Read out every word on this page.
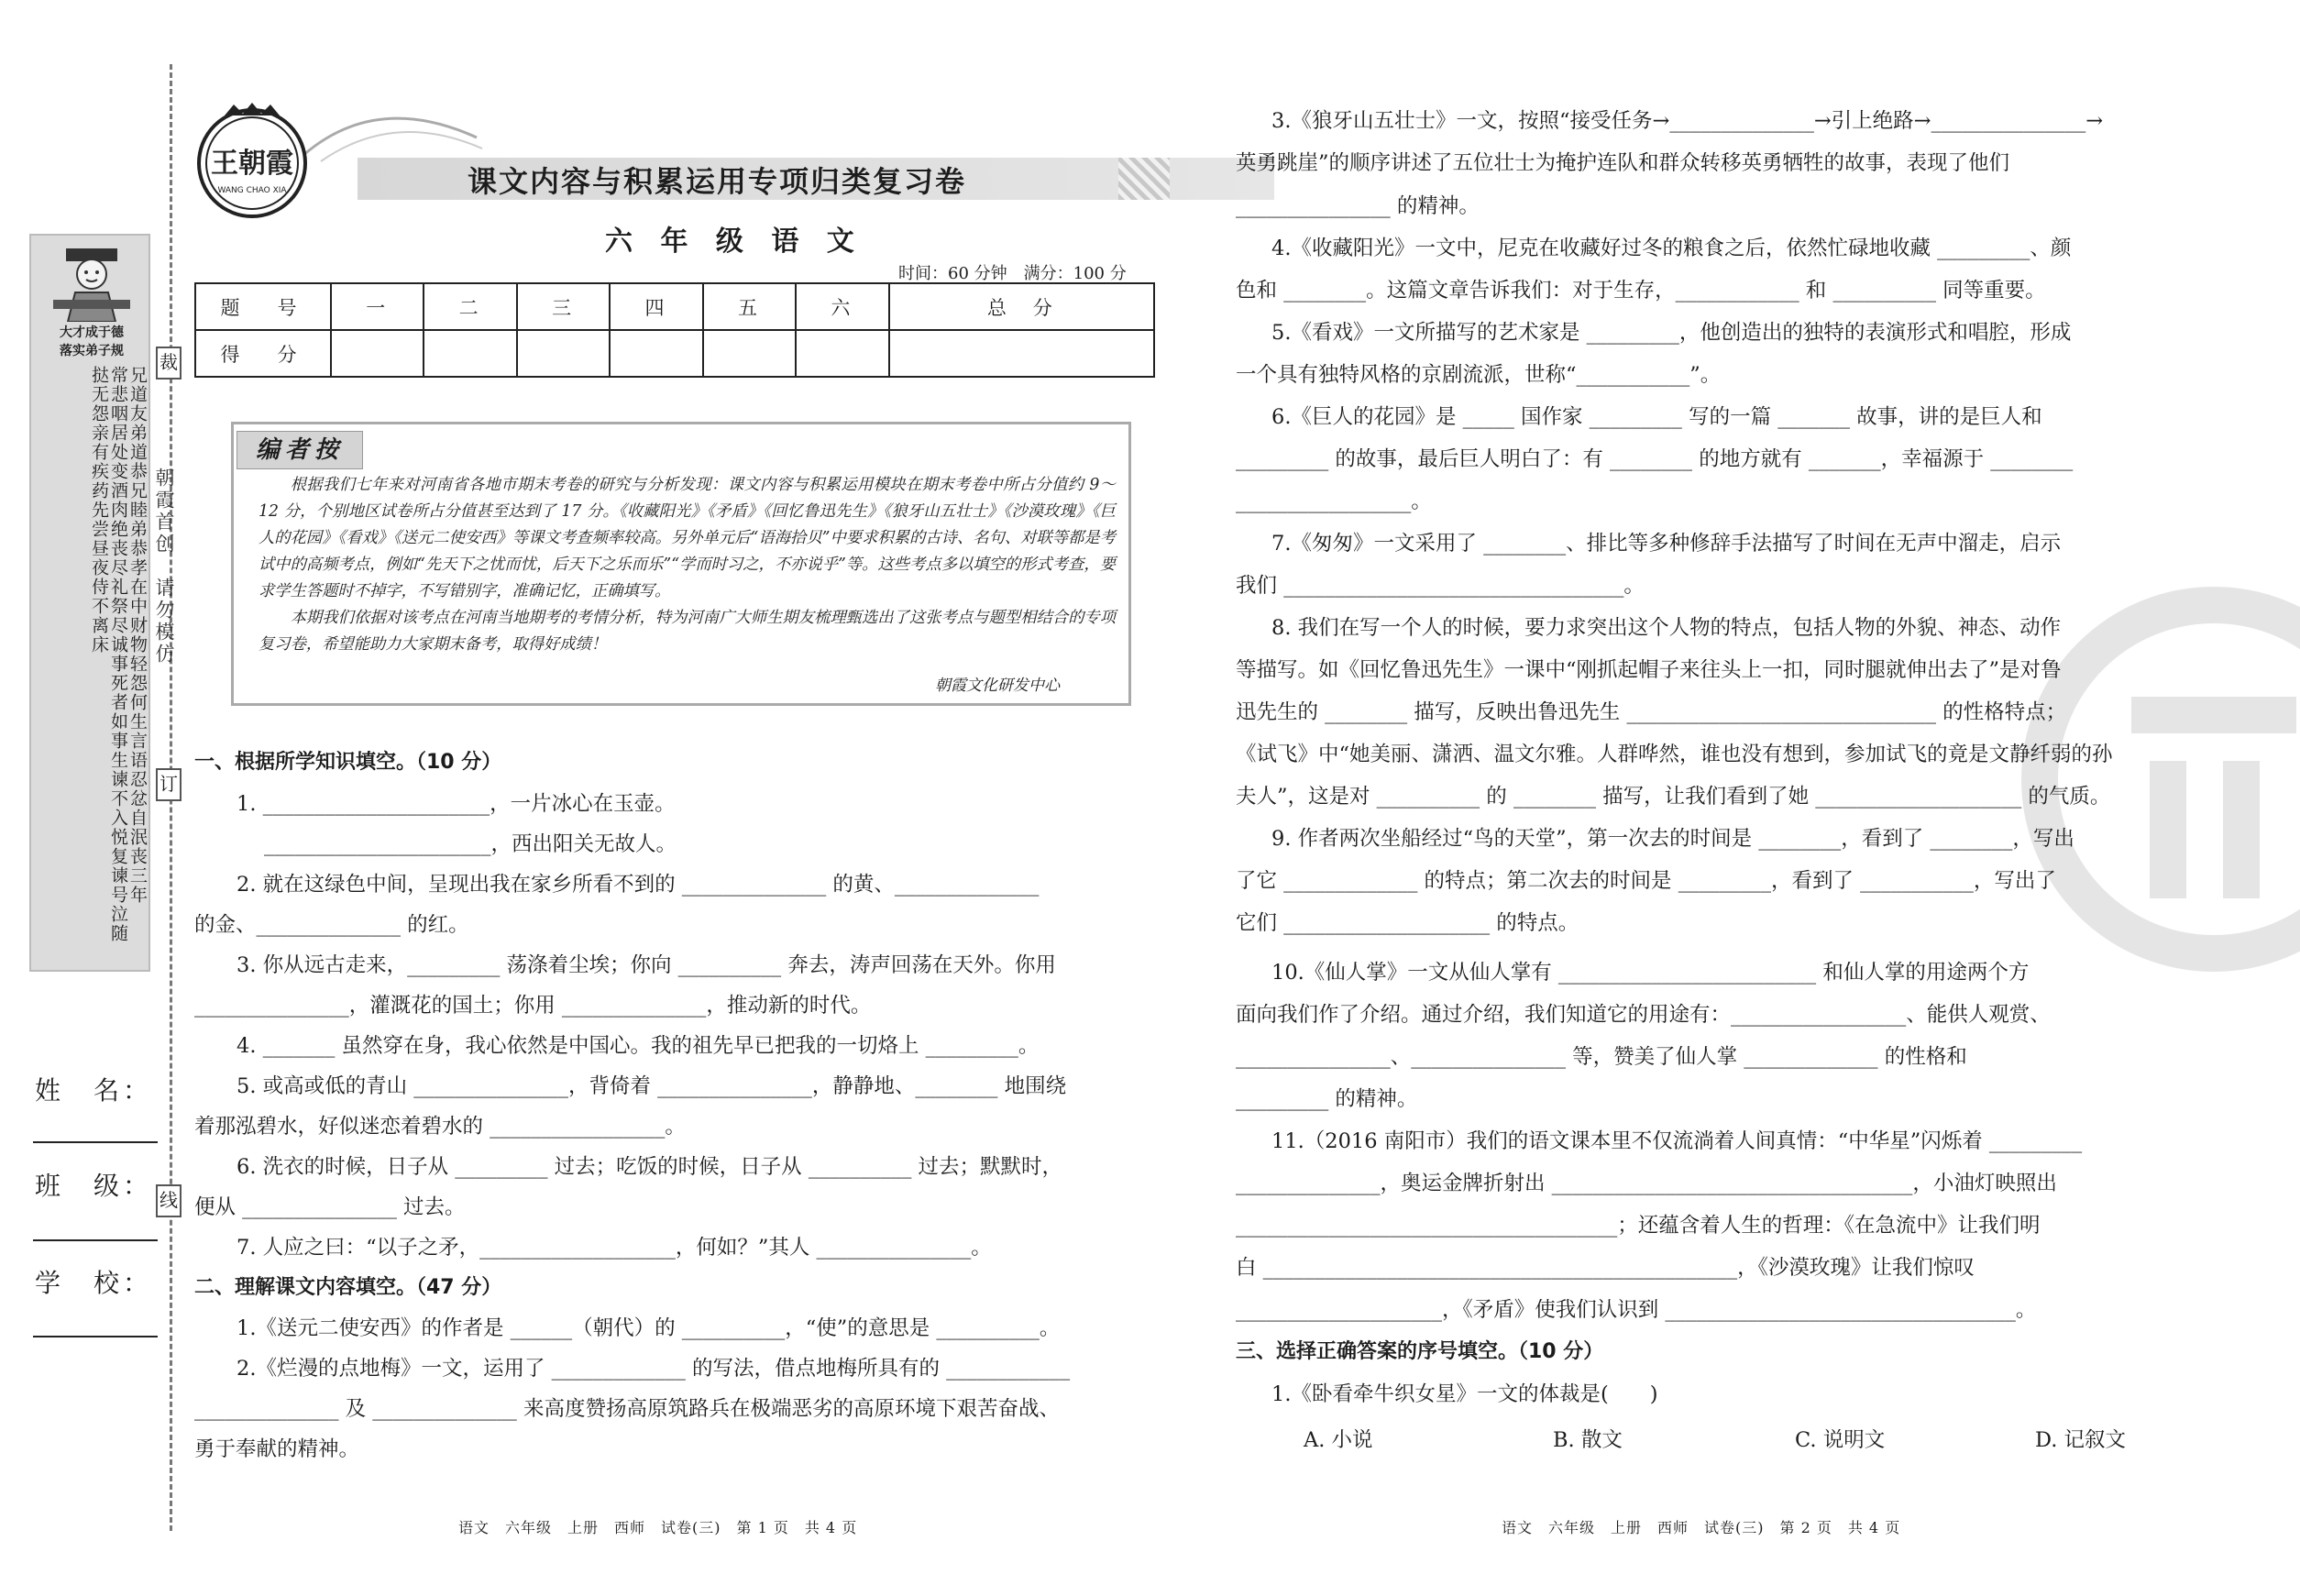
裁
订
线
朝霞首创　请勿模仿
大才成于德
落实弟子规
兄道友弟道恭兄睦弟恭孝在中财物轻怨何生言语忍忿自泯丧三年常悲咽居处变酒肉绝丧尽礼祭尽诚事死者如事生谏不入悦复谏号泣随挞无怨亲有疾药先尝昼夜侍不离床
姓　名：
班　级：
学　校：
王朝霞
WANG CHAO XIA	课文内容与积累运用专项归类复习卷
六 年 级 语 文
时间：60 分钟　满分：100 分
题　号	一	二	三	四	五	六	总　分
得　分							
编者按

根据我们七年来对河南省各地市期末考卷的研究与分析发现：课文内容与积累运用模块在期末考卷中所占分值约 9～12 分，个别地区试卷所占分值甚至达到了 17 分。《收藏阳光》《矛盾》《回忆鲁迅先生》《狼牙山五壮士》《沙漠玫瑰》《巨人的花园》《看戏》《送元二使安西》等课文考查频率较高。另外单元后“语海拾贝”中要求积累的古诗、名句、对联等都是考试中的高频考点，例如“先天下之忧而忧，后天下之乐而乐”“学而时习之，不亦说乎”等。这些考点多以填空的形式考查，要求学生答题时不掉字，不写错别字，准确记忆，正确填写。

本期我们依据对该考点在河南当地期考的考情分析，特为河南广大师生期友梳理甄选出了这张考点与题型相结合的专项复习卷，希望能助力大家期末备考，取得好成绩！

朝霞文化研发中心
一、根据所学知识填空。（10 分）
1. ______________________，一片冰心在玉壶。
______________________，西出阳关无故人。
2. 就在这绿色中间，呈现出我在家乡所看不到的 ______________ 的黄、______________
的金、______________ 的红。
3. 你从远古走来，_________ 荡涤着尘埃；你向 __________ 奔去，涛声回荡在天外。你用
_______________，灌溉花的国土；你用 ______________，推动新的时代。
4. _______ 虽然穿在身，我心依然是中国心。我的祖先早已把我的一切烙上 _________。
5. 或高或低的青山 _______________，背倚着 _______________，静静地、________ 地围绕
着那泓碧水，好似迷恋着碧水的 _________________。
6. 洗衣的时候，日子从 _________ 过去；吃饭的时候，日子从 __________ 过去；默默时，
便从 _______________ 过去。
7. 人应之曰：“以子之矛，___________________，何如？”其人 _______________。
二、理解课文内容填空。（47 分）
1.《送元二使安西》的作者是 ______（朝代）的 __________，“使”的意思是 __________。
2.《烂漫的点地梅》一文，运用了 _____________ 的写法，借点地梅所具有的 ____________
______________ 及 ______________ 来高度赞扬高原筑路兵在极端恶劣的高原环境下艰苦奋战、
勇于奉献的精神。
语文　六年级　上册　西师　试卷(三)　第 1 页　共 4 页
3.《狼牙山五壮士》一文，按照“接受任务→______________→引上绝路→_______________→
英勇跳崖”的顺序讲述了五位壮士为掩护连队和群众转移英勇牺牲的故事，表现了他们
_______________ 的精神。
4.《收藏阳光》一文中，尼克在收藏好过冬的粮食之后，依然忙碌地收藏 _________、颜
色和 ________。这篇文章告诉我们：对于生存，____________ 和 __________ 同等重要。
5.《看戏》一文所描写的艺术家是 _________，他创造出的独特的表演形式和唱腔，形成
一个具有独特风格的京剧流派，世称“___________”。
6.《巨人的花园》是 _____ 国作家 _________ 写的一篇 _______ 故事，讲的是巨人和
_________ 的故事，最后巨人明白了：有 ________ 的地方就有 _______，幸福源于 ________
_________________。
7.《匆匆》一文采用了 ________、排比等多种修辞手法描写了时间在无声中溜走，启示
我们 _________________________________。
8. 我们在写一个人的时候，要力求突出这个人物的特点，包括人物的外貌、神态、动作
等描写。如《回忆鲁迅先生》一课中“刚抓起帽子来往头上一扣，同时腿就伸出去了”是对鲁
迅先生的 ________ 描写，反映出鲁迅先生 ______________________________ 的性格特点；
《试飞》中“她美丽、潇洒、温文尔雅。人群哗然，谁也没有想到，参加试飞的竟是文静纤弱的孙
夫人”，这是对 __________ 的 ________ 描写，让我们看到了她 ____________________ 的气质。
9. 作者两次坐船经过“鸟的天堂”，第一次去的时间是 ________，看到了 ________，写出
了它 _____________ 的特点；第二次去的时间是 _________，看到了 ___________，写出了
它们 ____________________ 的特点。
10.《仙人掌》一文从仙人掌有 _________________________ 和仙人掌的用途两个方
面向我们作了介绍。通过介绍，我们知道它的用途有：_________________、能供人观赏、
_______________、_______________ 等，赞美了仙人掌 _____________ 的性格和
_________ 的精神。
11.（2016 南阳市）我们的语文课本里不仅流淌着人间真情：“中华星”闪烁着 _________
______________，奥运金牌折射出 ___________________________________，小油灯映照出
_____________________________________；还蕴含着人生的哲理：《在急流中》让我们明
白 ______________________________________________，《沙漠玫瑰》让我们惊叹
____________________，《矛盾》使我们认识到 __________________________________。
三、选择正确答案的序号填空。（10 分）
1.《卧看牵牛织女星》一文的体裁是(　　)
A. 小说	B. 散文	C. 说明文	D. 记叙文
语文　六年级　上册　西师　试卷(三)　第 2 页　共 4 页
